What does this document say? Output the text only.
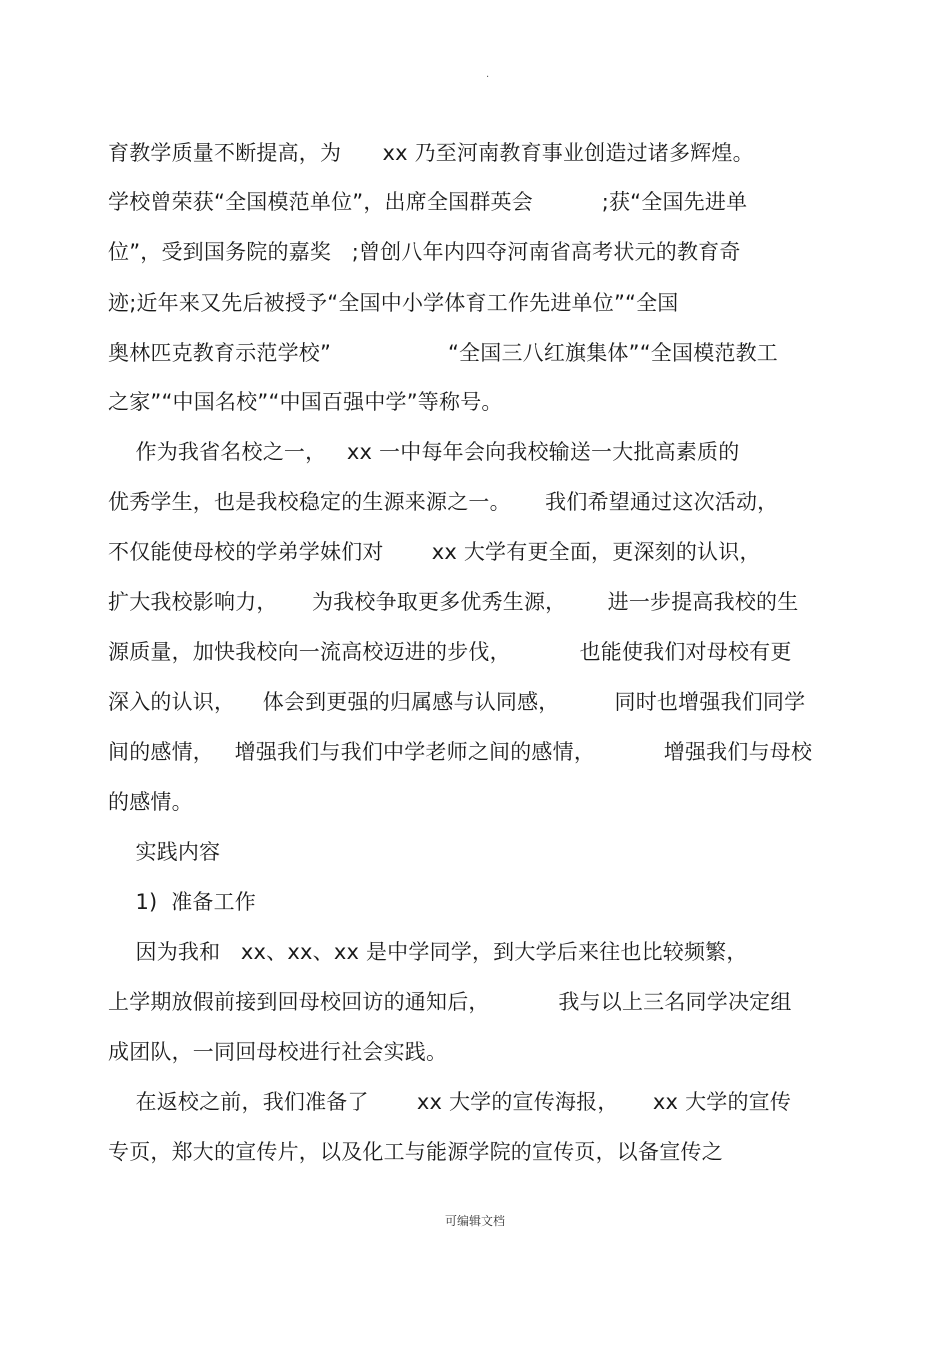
.
育教学质量不断提高，为      xx 乃至河南教育事业创造过诸多辉煌。
学校曾荣获“全国模范单位”，出席全国群英会          ;获“全国先进单
位”，受到国务院的嘉奖   ;曾创八年内四夺河南省高考状元的教育奇
迹;近年来又先后被授予“全国中小学体育工作先进单位”“全国
奥林匹克教育示范学校”                 “全国三八红旗集体”“全国模范教工
之家”“中国名校”“中国百强中学”等称号。
作为我省名校之一，   xx 一中每年会向我校输送一大批高素质的
优秀学生，也是我校稳定的生源来源之一。     我们希望通过这次活动，
不仅能使母校的学弟学妹们对       xx 大学有更全面，更深刻的认识，
扩大我校影响力，     为我校争取更多优秀生源，      进一步提高我校的生
源质量，加快我校向一流高校迈进的步伐，          也能使我们对母校有更
深入的认识，    体会到更强的归属感与认同感，        同时也增强我们同学
间的感情，   增强我们与我们中学老师之间的感情，          增强我们与母校
的感情。
实践内容
1)  准备工作
因为我和   xx、xx、xx 是中学同学，到大学后来往也比较频繁，
上学期放假前接到回母校回访的通知后，          我与以上三名同学决定组
成团队，一同回母校进行社会实践。
在返校之前，我们准备了       xx 大学的宣传海报，     xx 大学的宣传
专页，郑大的宣传片，以及化工与能源学院的宣传页，以备宣传之
可编辑文档
